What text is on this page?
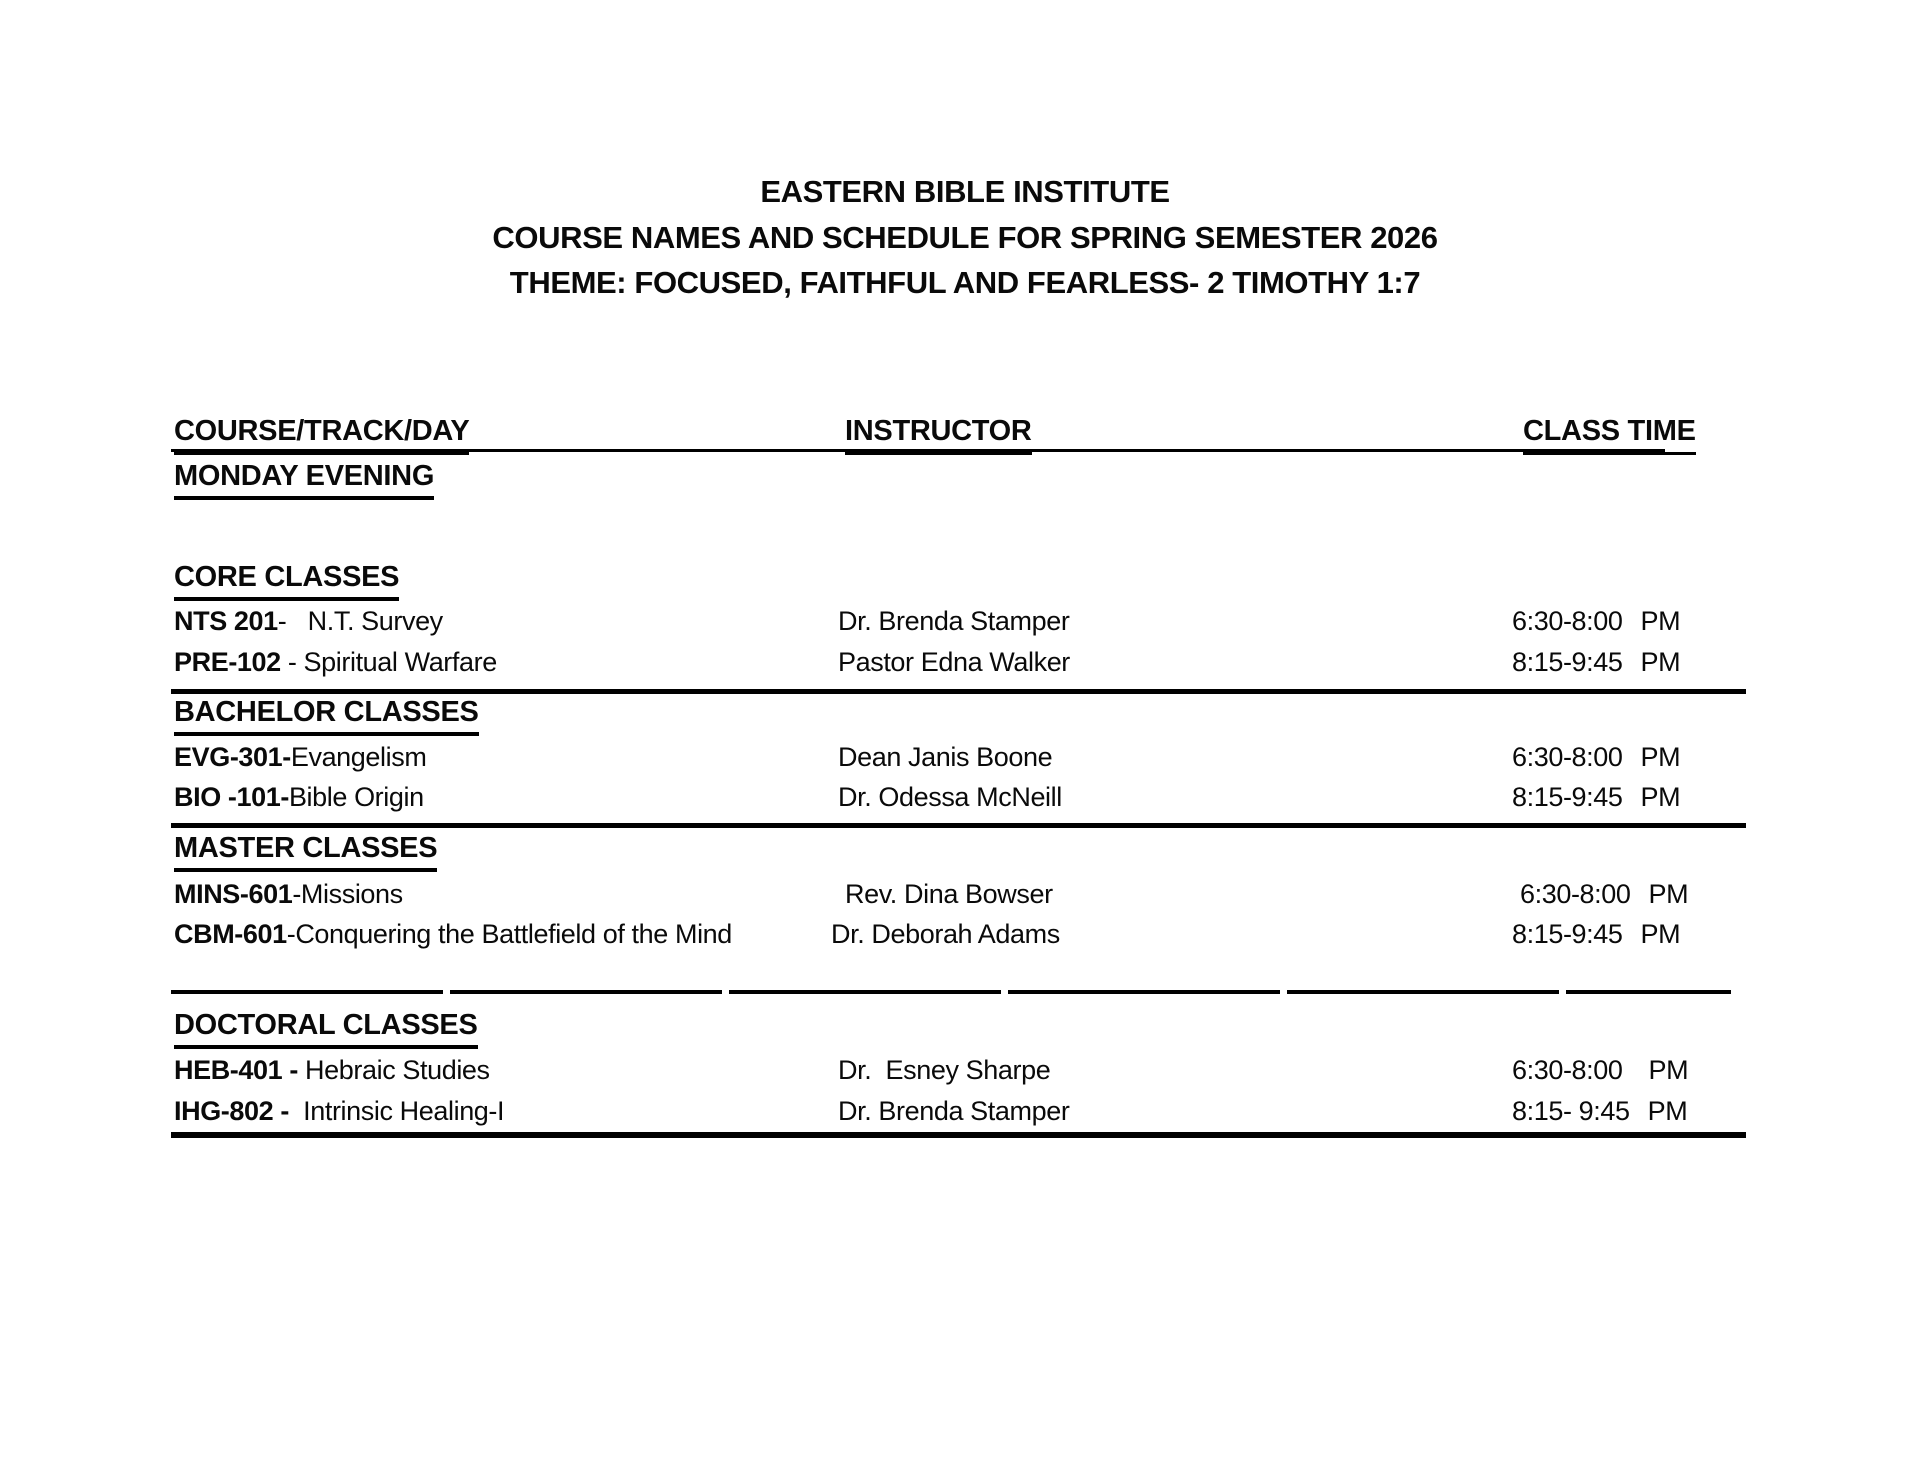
EASTERN BIBLE INSTITUTE
COURSE NAMES AND SCHEDULE FOR SPRING SEMESTER 2026
THEME: FOCUSED, FAITHFUL AND FEARLESS- 2 TIMOTHY 1:7
COURSE/TRACK/DAY	INSTRUCTOR	CLASS TIME
MONDAY EVENING
CORE CLASSES
NTS 201-   N.T. Survey	Dr. Brenda Stamper	6:30-8:00 PM
PRE-102 - Spiritual Warfare	Pastor Edna Walker	8:15-9:45 PM
BACHELOR CLASSES
EVG-301-Evangelism	Dean Janis Boone	6:30-8:00 PM
BIO -101-Bible Origin	Dr. Odessa McNeill	8:15-9:45 PM
MASTER CLASSES
MINS-601-Missions	Rev. Dina Bowser	6:30-8:00 PM
CBM-601-Conquering the Battlefield of the Mind	Dr. Deborah Adams	8:15-9:45 PM
DOCTORAL CLASSES
HEB-401 - Hebraic Studies	Dr.  Esney Sharpe	6:30-8:00 PM
IHG-802 -  Intrinsic Healing-I	Dr. Brenda Stamper	8:15- 9:45 PM
